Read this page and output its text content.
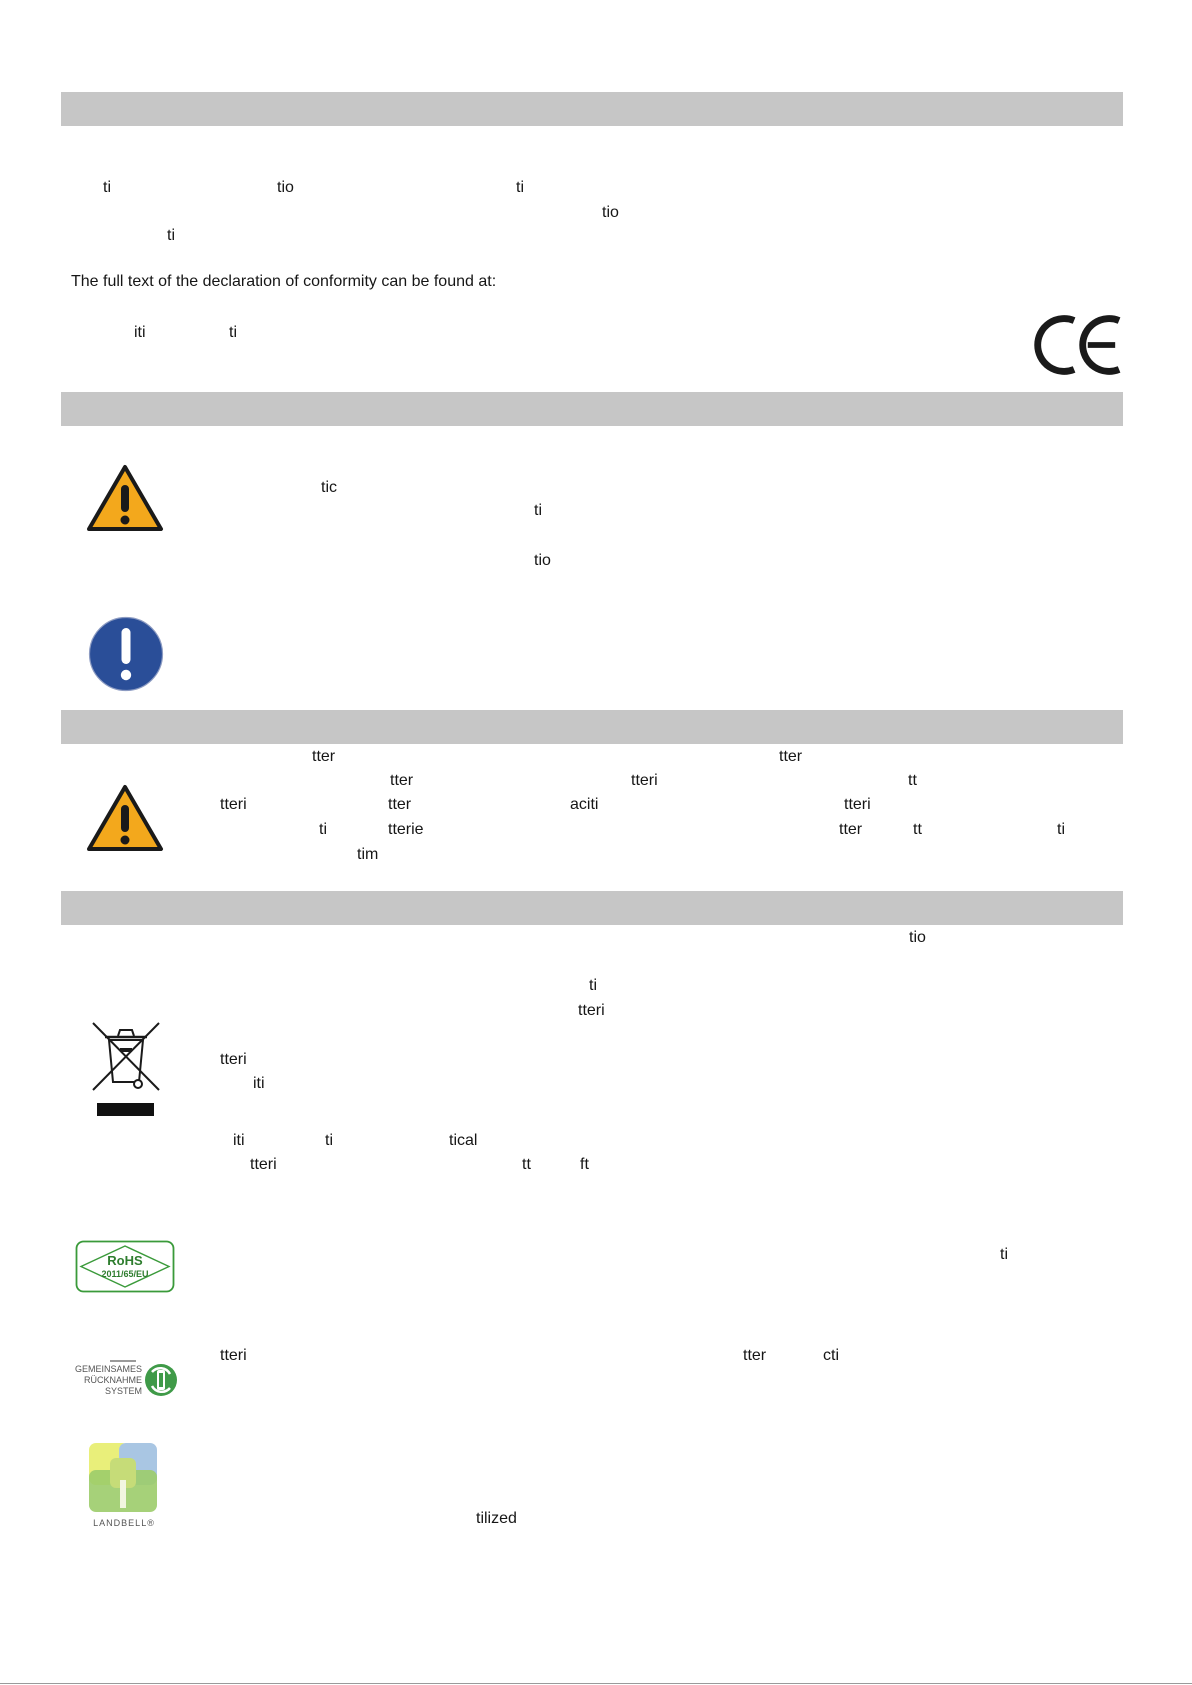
ti	tio	ti
tio
ti
The full text of the declaration of conformity can be found at:
iti	ti
tic
ti
tio
tter	tter
tter	tteri	tt
tteri	tter	aciti	tteri
ti	tterie	tter	tt	ti
tim
tio
ti
tteri
tteri
iti
iti	ti	tical
tteri	tt	ft
RoHS
2011/65/EU
ti
GEMEINSAMES
RÜCKNAHME
SYSTEM
tteri	tter	cti
LANDBELL®	tilized
